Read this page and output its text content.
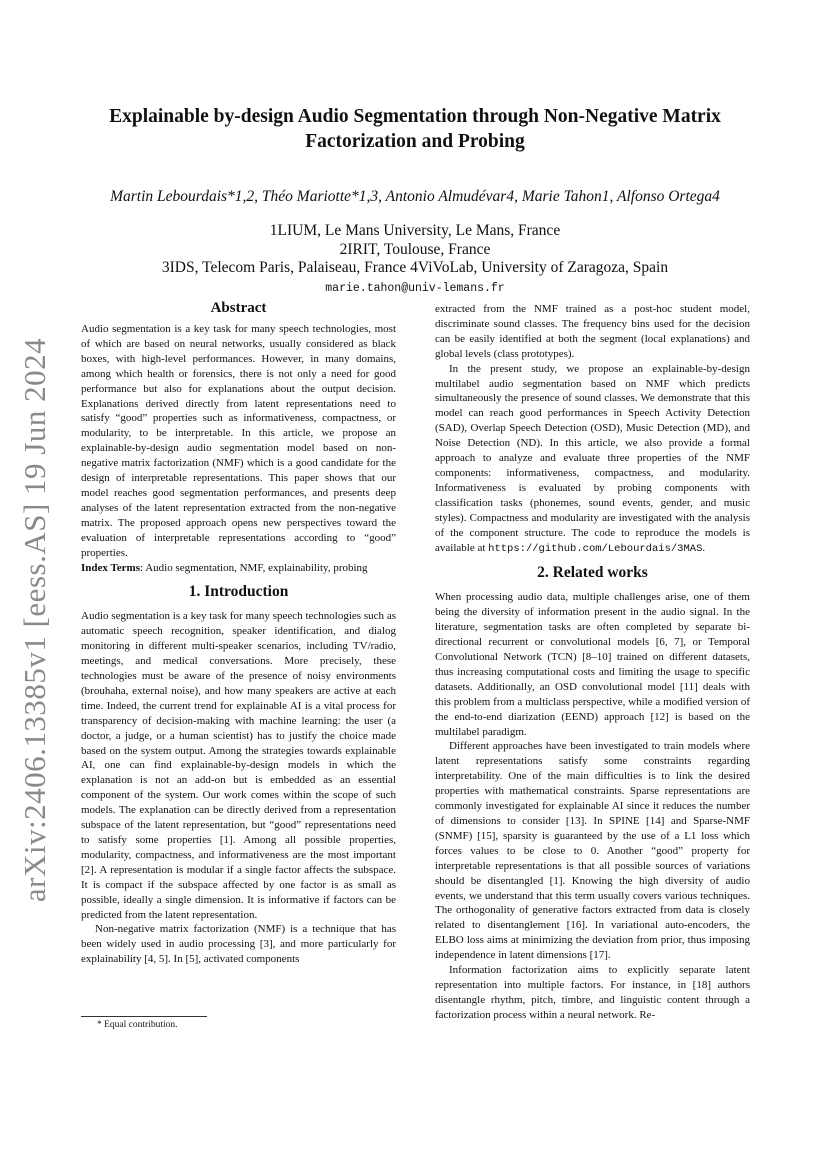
arXiv:2406.13385v1 [eess.AS] 19 Jun 2024
Explainable by-design Audio Segmentation through Non-Negative Matrix
Factorization and Probing
Martin Lebourdais*1,2, Théo Mariotte*1,3, Antonio Almudévar4, Marie Tahon1, Alfonso Ortega4
1LIUM, Le Mans University, Le Mans, France
2IRIT, Toulouse, France
3IDS, Telecom Paris, Palaiseau, France 4ViVoLab, University of Zaragoza, Spain
marie.tahon@univ-lemans.fr
Abstract

Audio segmentation is a key task for many speech technologies, most of which are based on neural networks, usually considered as black boxes, with high-level performances. However, in many domains, among which health or forensics, there is not only a need for good performance but also for explanations about the output decision. Explanations derived directly from latent representations need to satisfy “good” properties such as informativeness, compactness, or modularity, to be interpretable. In this article, we propose an explainable-by-design audio segmentation model based on non-negative matrix factorization (NMF) which is a good candidate for the design of interpretable representations. This paper shows that our model reaches good segmentation performances, and presents deep analyses of the latent representation extracted from the non-negative matrix. The proposed approach opens new perspectives toward the evaluation of interpretable representations according to “good” properties.

Index Terms: Audio segmentation, NMF, explainability, probing

1. Introduction

Audio segmentation is a key task for many speech technologies such as automatic speech recognition, speaker identification, and dialog monitoring in different multi-speaker scenarios, including TV/radio, meetings, and medical conversations. More precisely, these technologies must be aware of the presence of noisy environments (brouhaha, external noise), and how many speakers are active at each time. Indeed, the current trend for explainable AI is a vital process for transparency of decision-making with machine learning: the user (a doctor, a judge, or a human scientist) has to justify the choice made based on the system output. Among the strategies towards explainable AI, one can find explainable-by-design models in which the explanation is not an add-on but is embedded as an essential component of the system. Our work comes within the scope of such models. The explanation can be directly derived from a representation subspace of the latent representation, but “good” representations need to satisfy some properties [1]. Among all possible properties, modularity, compactness, and informativeness are the most important [2]. A representation is modular if a single factor affects the subspace. It is compact if the subspace affected by one factor is as small as possible, ideally a single dimension. It is informative if factors can be predicted from the latent representation.

Non-negative matrix factorization (NMF) is a technique that has been widely used in audio processing [3], and more particularly for explainability [4, 5]. In [5], activated components

* Equal contribution.

extracted from the NMF trained as a post-hoc student model, discriminate sound classes. The frequency bins used for the decision can be easily identified at both the segment (local explanations) and global levels (class prototypes).

In the present study, we propose an explainable-by-design multilabel audio segmentation based on NMF which predicts simultaneously the presence of sound classes. We demonstrate that this model can reach good performances in Speech Activity Detection (SAD), Overlap Speech Detection (OSD), Music Detection (MD), and Noise Detection (ND). In this article, we also provide a formal approach to analyze and evaluate three properties of the NMF components: informativeness, compactness, and modularity. Informativeness is evaluated by probing components with classification tasks (phonemes, sound events, gender, and music styles). Compactness and modularity are investigated with the analysis of the component structure. The code to reproduce the models is available at https://github.com/Lebourdais/3MAS.

2. Related works

When processing audio data, multiple challenges arise, one of them being the diversity of information present in the audio signal. In the literature, segmentation tasks are often completed by separate bi-directional recurrent or convolutional models [6, 7], or Temporal Convolutional Network (TCN) [8–10] trained on different datasets, thus increasing computational costs and limiting the usage to specific datasets. Additionally, an OSD convolutional model [11] deals with this problem from a multiclass perspective, while a modified version of the end-to-end diarization (EEND) approach [12] is based on the multilabel paradigm.

Different approaches have been investigated to train models where latent representations satisfy some constraints regarding interpretability. One of the main difficulties is to link the desired properties with mathematical constraints. Sparse representations are commonly investigated for explainable AI since it reduces the number of dimensions to consider [13]. In SPINE [14] and Sparse-NMF (SNMF) [15], sparsity is guaranteed by the use of a L1 loss which forces values to be close to 0. Another “good” property for interpretable representations is that all possible sources of variations should be disentangled [1]. Knowing the high diversity of audio events, we understand that this term usually covers various techniques. The orthogonality of generative factors extracted from data is closely related to disentanglement [16]. In variational auto-encoders, the ELBO loss aims at minimizing the deviation from prior, thus imposing independence in latent dimensions [17].

Information factorization aims to explicitly separate latent representation into multiple factors. For instance, in [18] authors disentangle rhythm, pitch, timbre, and linguistic content through a factorization process within a neural network. Re-
